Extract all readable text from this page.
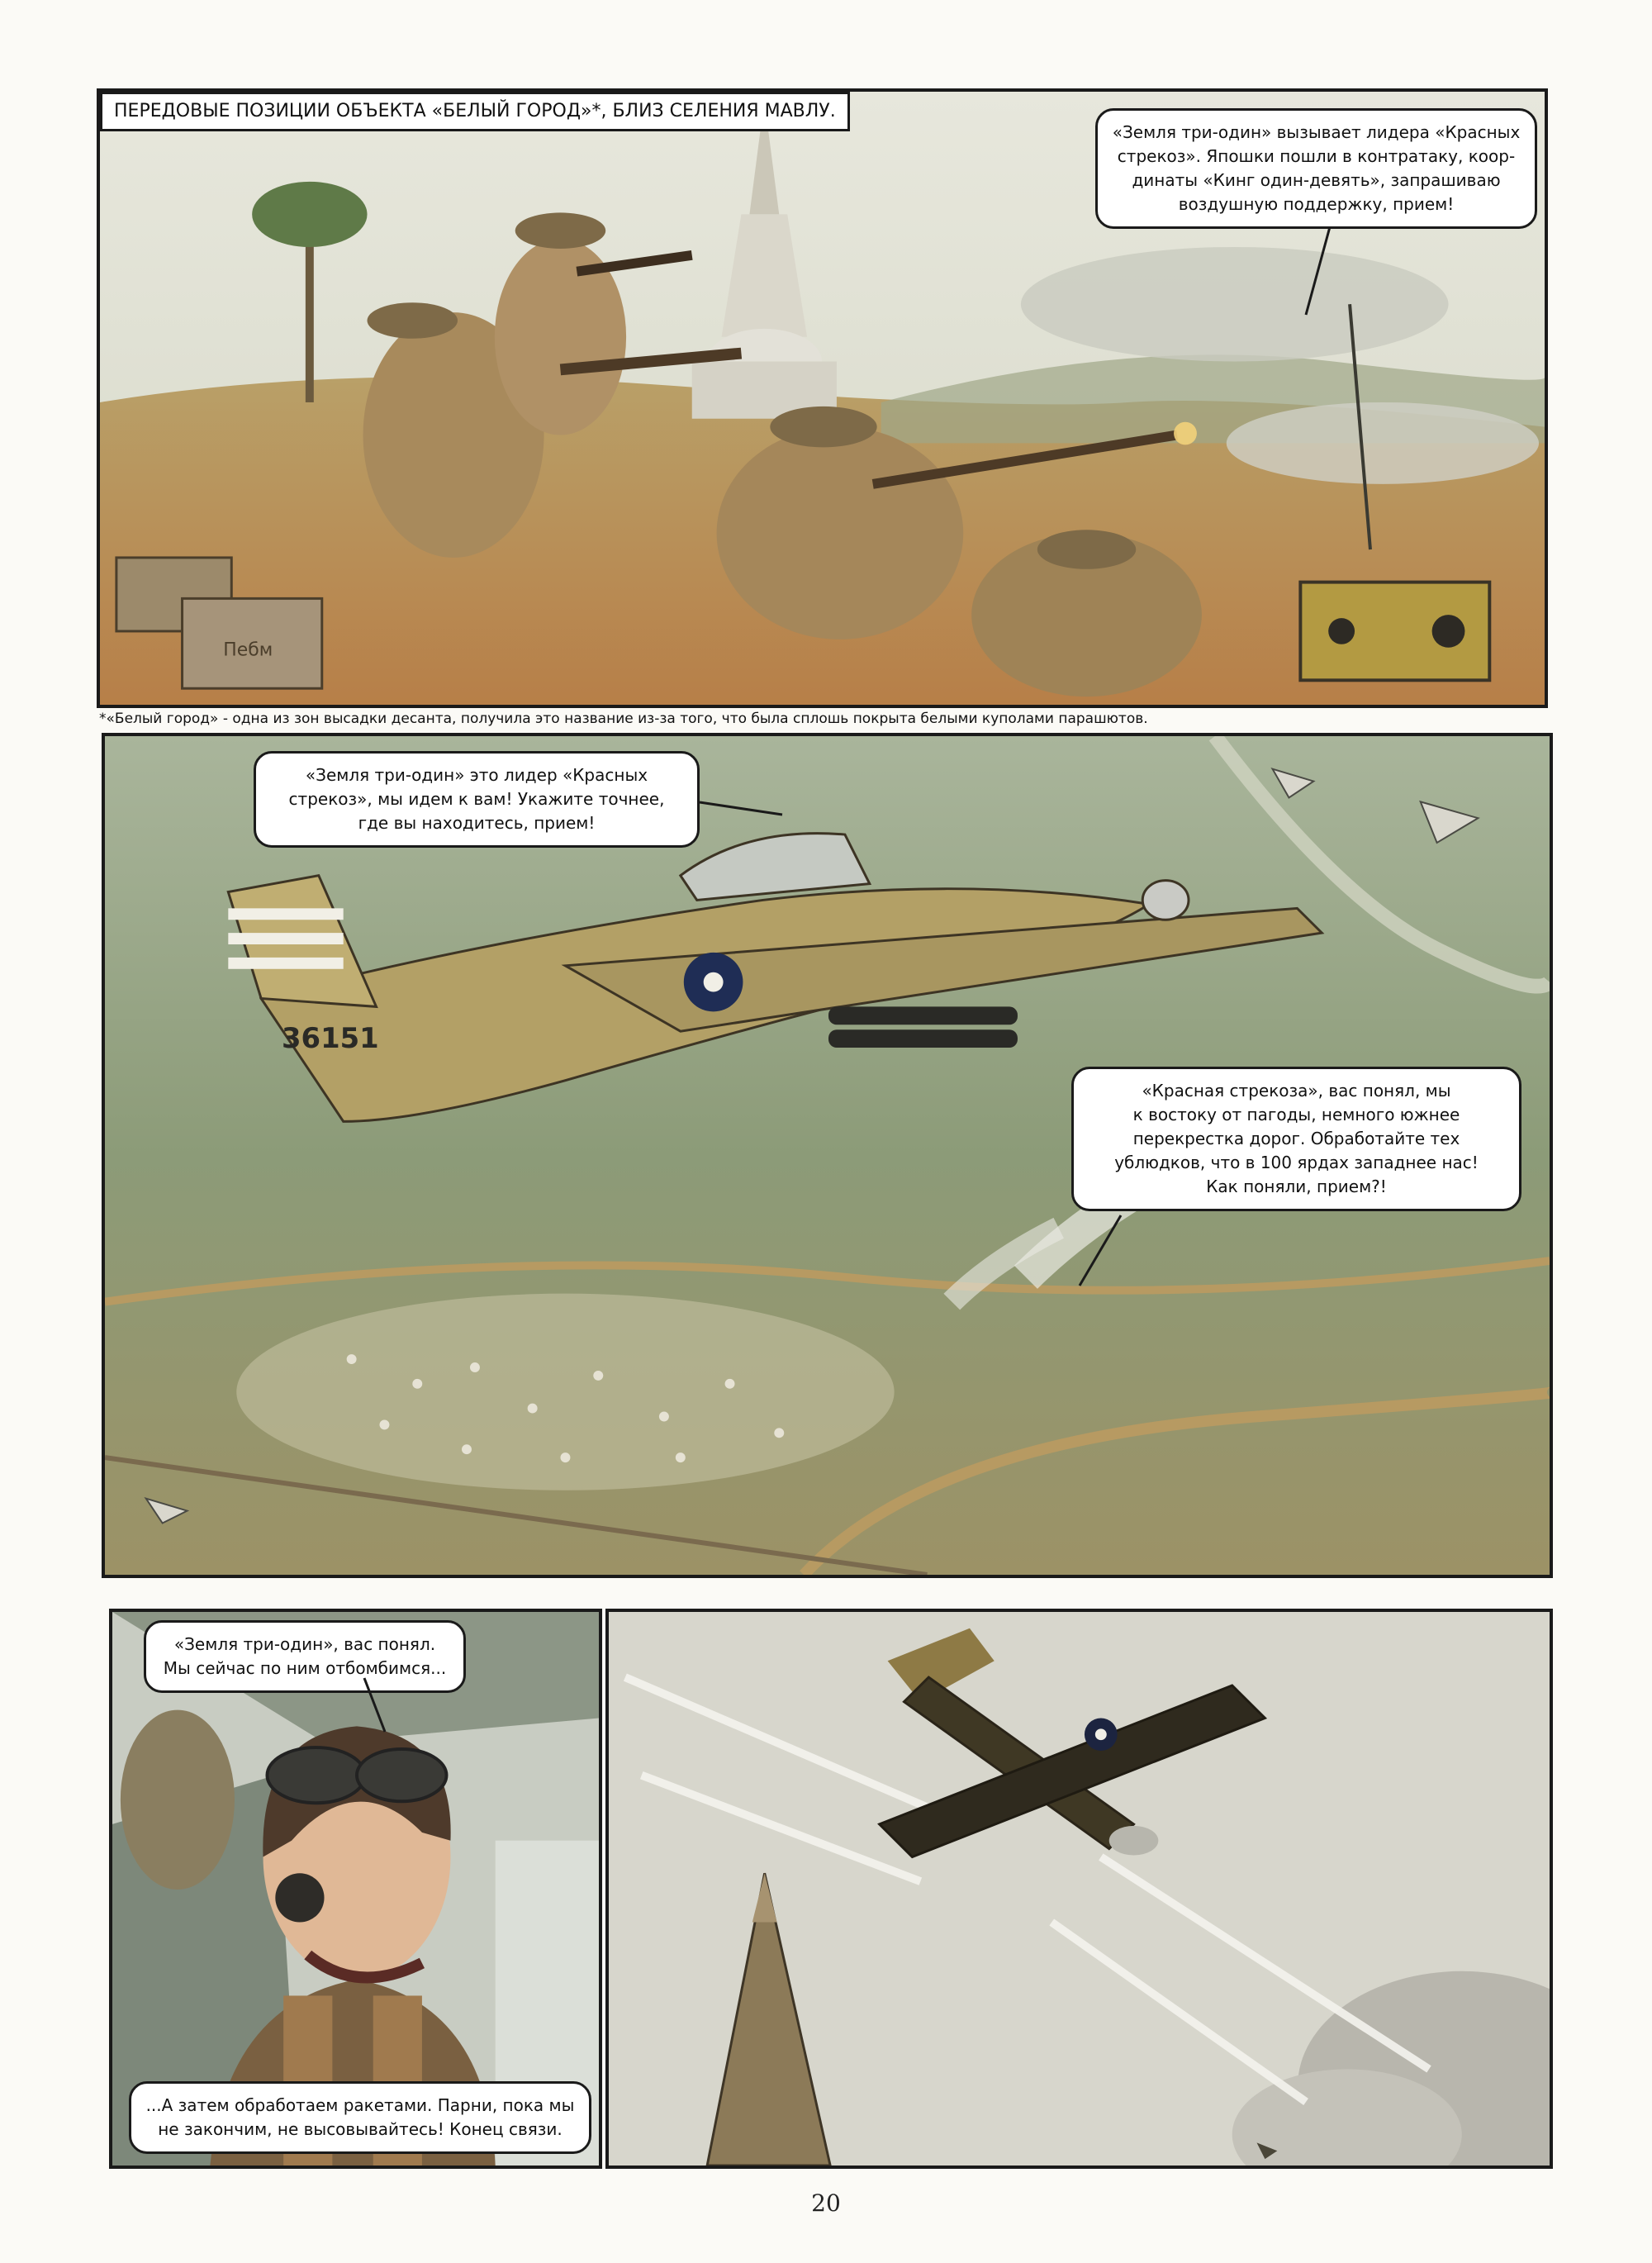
Пебм
ПЕРЕДОВЫЕ ПОЗИЦИИ ОБЪЕКТА «БЕЛЫЙ ГОРОД»*, БЛИЗ СЕЛЕНИЯ МАВЛУ.
«Земля три-один» вызывает лидера «Красных
стрекоз». Япошки пошли в контратаку, коор-
динаты «Кинг один-девять», запрашиваю
воздушную поддержку, прием!
*«Белый город» - одна из зон высадки десанта, получила это название из-за того, что была сплошь покрыта белыми куполами парашютов.
36151
«Земля три-один» это лидер «Красных
стрекоз», мы идем к вам! Укажите точнее,
где вы находитесь, прием!
«Красная стрекоза», вас понял, мы
к востоку от пагоды, немного южнее
перекрестка дорог. Обработайте тех
ублюдков, что в 100 ярдах западнее нас!
Как поняли, прием?!
«Земля три-один», вас понял.
Мы сейчас по ним отбомбимся...
...А затем обработаем ракетами. Парни, пока мы
не закончим, не высовывайтесь! Конец связи.
20
